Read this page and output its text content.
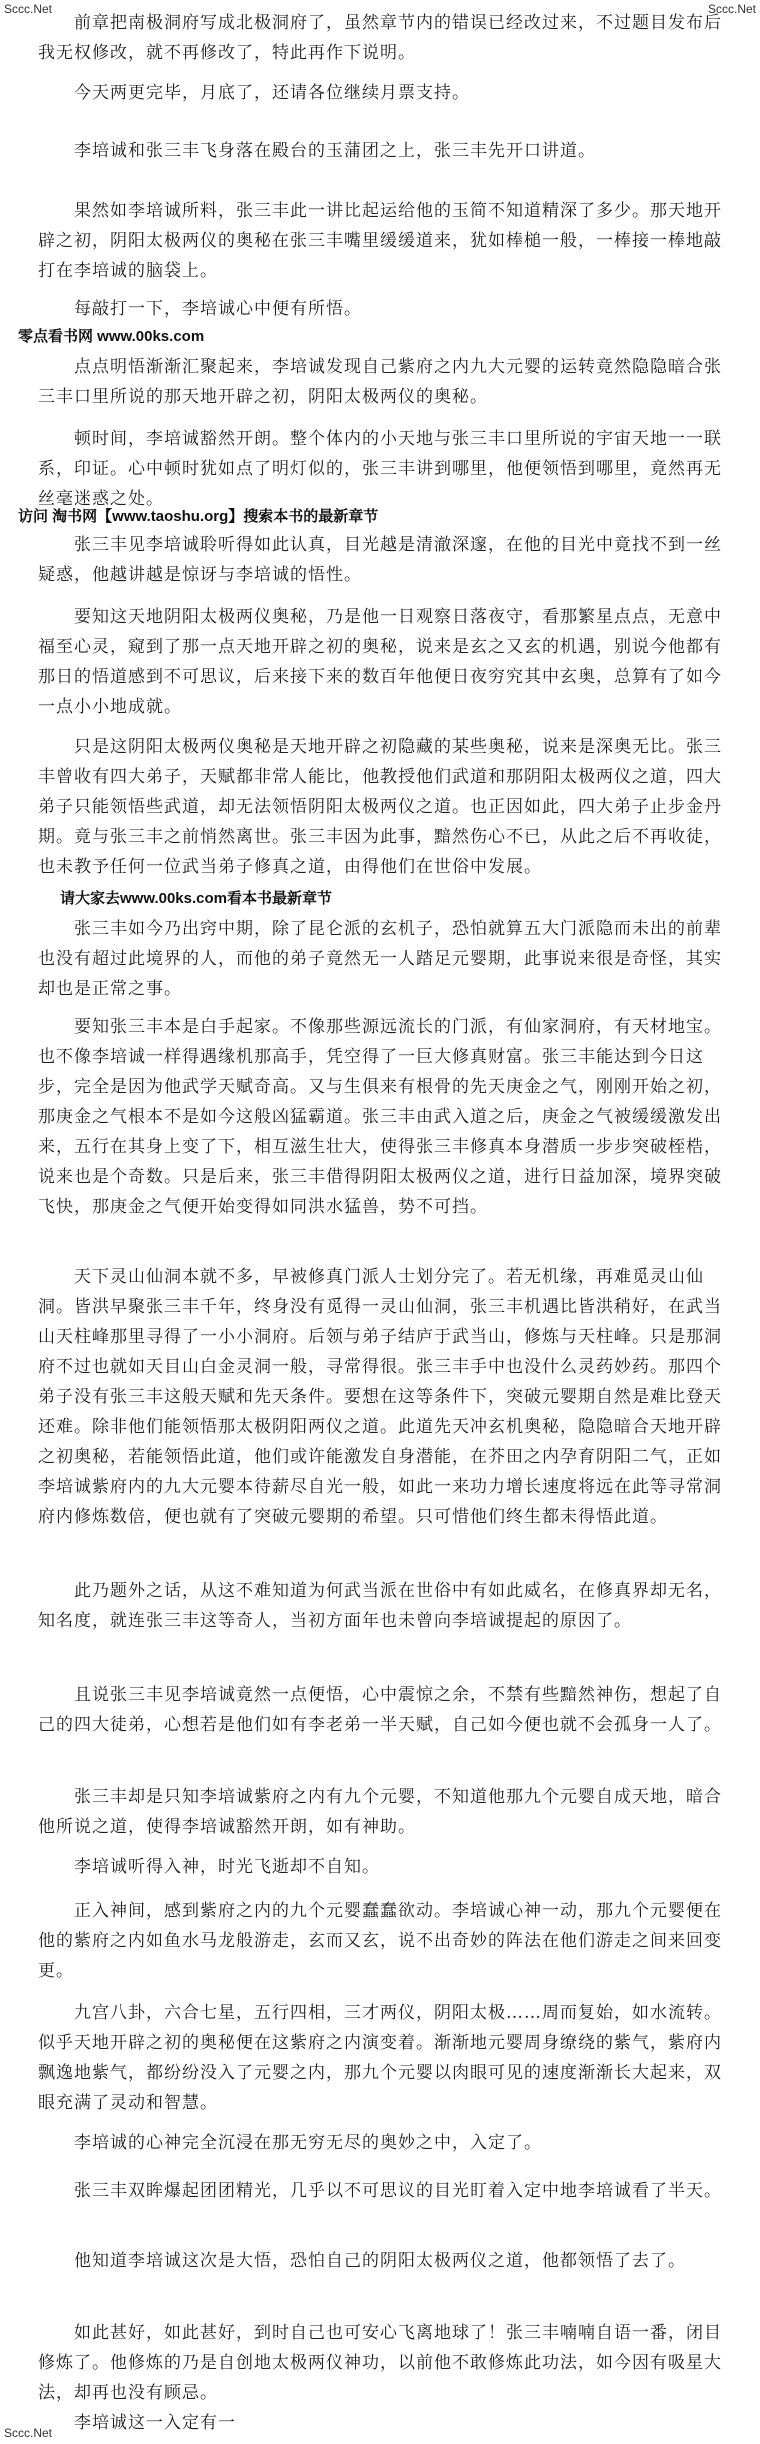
Sccc.Net	Sccc.Net
　　前章把南极洞府写成北极洞府了，虽然章节内的错误已经改过来，不过题目发布后我无权修改，就不再修改了，特此再作下说明。
　　今天两更完毕，月底了，还请各位继续月票支持。
　　李培诚和张三丰飞身落在殿台的玉蒲团之上，张三丰先开口讲道。
　　果然如李培诚所料，张三丰此一讲比起运给他的玉简不知道精深了多少。那天地开辟之初，阴阳太极两仪的奥秘在张三丰嘴里缓缓道来，犹如棒槌一般，一棒接一棒地敲打在李培诚的脑袋上。
　　每敲打一下，李培诚心中便有所悟。
零点看书网 www.00ks.com
　　点点明悟渐渐汇聚起来，李培诚发现自己紫府之内九大元婴的运转竟然隐隐暗合张三丰口里所说的那天地开辟之初，阴阳太极两仪的奥秘。
　　顿时间，李培诚豁然开朗。整个体内的小天地与张三丰口里所说的宇宙天地一一联系，印证。心中顿时犹如点了明灯似的，张三丰讲到哪里，他便领悟到哪里，竟然再无丝毫迷惑之处。
访问 淘书网【www.taoshu.org】搜索本书的最新章节
　　张三丰见李培诚聆听得如此认真，目光越是清澈深邃，在他的目光中竟找不到一丝疑惑，他越讲越是惊讶与李培诚的悟性。
　　要知这天地阴阳太极两仪奥秘，乃是他一日观察日落夜守，看那繁星点点，无意中福至心灵，窥到了那一点天地开辟之初的奥秘，说来是玄之又玄的机遇，别说今他都有那日的悟道感到不可思议，后来接下来的数百年他便日夜穷究其中玄奥，总算有了如今一点小小地成就。
　　只是这阴阳太极两仪奥秘是天地开辟之初隐藏的某些奥秘，说来是深奥无比。张三丰曾收有四大弟子，天赋都非常人能比，他教授他们武道和那阴阳太极两仪之道，四大弟子只能领悟些武道，却无法领悟阴阳太极两仪之道。也正因如此，四大弟子止步金丹期。竟与张三丰之前悄然离世。张三丰因为此事，黯然伤心不已，从此之后不再收徒，也未教予任何一位武当弟子修真之道，由得他们在世俗中发展。
请大家去www.00ks.com看本书最新章节
　　张三丰如今乃出窍中期，除了昆仑派的玄机子，恐怕就算五大门派隐而未出的前辈也没有超过此境界的人，而他的弟子竟然无一人踏足元婴期，此事说来很是奇怪，其实却也是正常之事。
　　要知张三丰本是白手起家。不像那些源远流长的门派，有仙家洞府，有天材地宝。也不像李培诚一样得遇缘机那高手，凭空得了一巨大修真财富。张三丰能达到今日这步，完全是因为他武学天赋奇高。又与生俱来有根骨的先天庚金之气，刚刚开始之初，那庚金之气根本不是如今这般凶猛霸道。张三丰由武入道之后，庚金之气被缓缓激发出来，五行在其身上变了下，相互滋生壮大，使得张三丰修真本身潜质一步步突破桎梏，说来也是个奇数。只是后来，张三丰借得阴阳太极两仪之道，进行日益加深，境界突破飞快，那庚金之气便开始变得如同洪水猛兽，势不可挡。
　　天下灵山仙洞本就不多，早被修真门派人士划分完了。若无机缘，再难觅灵山仙洞。皆洪早聚张三丰千年，终身没有觅得一灵山仙洞，张三丰机遇比皆洪稍好，在武当山天柱峰那里寻得了一小小洞府。后领与弟子结庐于武当山，修炼与天柱峰。只是那洞府不过也就如天目山白金灵洞一般，寻常得很。张三丰手中也没什么灵药妙药。那四个弟子没有张三丰这般天赋和先天条件。要想在这等条件下，突破元婴期自然是难比登天还难。除非他们能领悟那太极阴阳两仪之道。此道先天冲玄机奥秘，隐隐暗合天地开辟之初奥秘，若能领悟此道，他们或许能激发自身潜能，在芥田之内孕育阴阳二气，正如李培诚紫府内的九大元婴本待薪尽自光一般，如此一来功力增长速度将远在此等寻常洞府内修炼数倍，便也就有了突破元婴期的希望。只可惜他们终生都未得悟此道。
　　此乃题外之话，从这不难知道为何武当派在世俗中有如此威名，在修真界却无名，知名度，就连张三丰这等奇人，当初方面年也未曾向李培诚提起的原因了。
　　且说张三丰见李培诚竟然一点便悟，心中震惊之余，不禁有些黯然神伤，想起了自己的四大徒弟，心想若是他们如有李老弟一半天赋，自己如今便也就不会孤身一人了。
　　张三丰却是只知李培诚紫府之内有九个元婴，不知道他那九个元婴自成天地，暗合他所说之道，使得李培诚豁然开朗，如有神助。
　　李培诚听得入神，时光飞逝却不自知。
　　正入神间，感到紫府之内的九个元婴蠢蠢欲动。李培诚心神一动，那九个元婴便在他的紫府之内如鱼水马龙般游走，玄而又玄，说不出奇妙的阵法在他们游走之间来回变更。
　　九宫八卦，六合七星，五行四相，三才两仪，阴阳太极……周而复始，如水流转。似乎天地开辟之初的奥秘便在这紫府之内演变着。渐渐地元婴周身缭绕的紫气，紫府内飘逸地紫气，都纷纷没入了元婴之内，那九个元婴以肉眼可见的速度渐渐长大起来，双眼充满了灵动和智慧。
　　李培诚的心神完全沉浸在那无穷无尽的奥妙之中，入定了。
　　张三丰双眸爆起团团精光，几乎以不可思议的目光盯着入定中地李培诚看了半天。
　　他知道李培诚这次是大悟，恐怕自己的阴阳太极两仪之道，他都领悟了去了。
　　如此甚好，如此甚好，到时自己也可安心飞离地球了！张三丰喃喃自语一番，闭目修炼了。他修炼的乃是自创地太极两仪神功，以前他不敢修炼此功法，如今因有吸星大法，却再也没有顾忌。
　　李培诚这一入定有一
Sccc.Net
